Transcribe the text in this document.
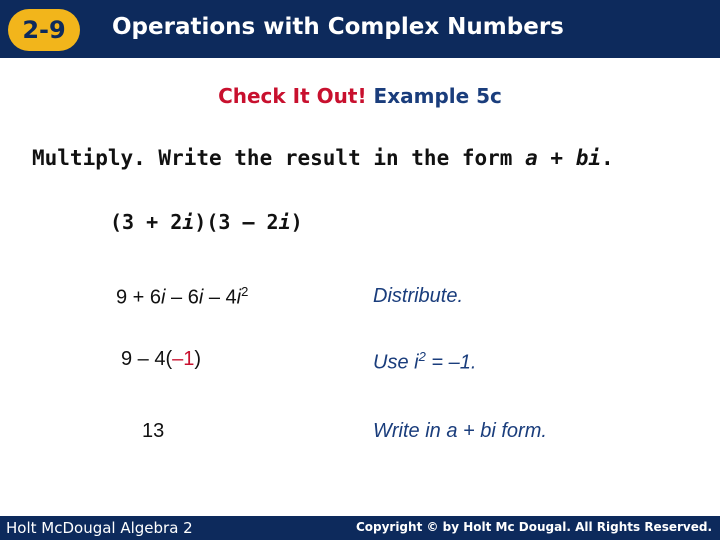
2-9	Operations with Complex Numbers
Check It Out! Example 5c
Multiply. Write the result in the form a + bi.
(3 + 2i)(3 – 2i)
$9 + 6i - 6i - 4i^2$	Distribute.
9 – 4(–1)	Use $i^2 = -1$.
13	Write in a + bi form.
Holt McDougal Algebra 2	Copyright © by Holt Mc Dougal. All Rights Reserved.
